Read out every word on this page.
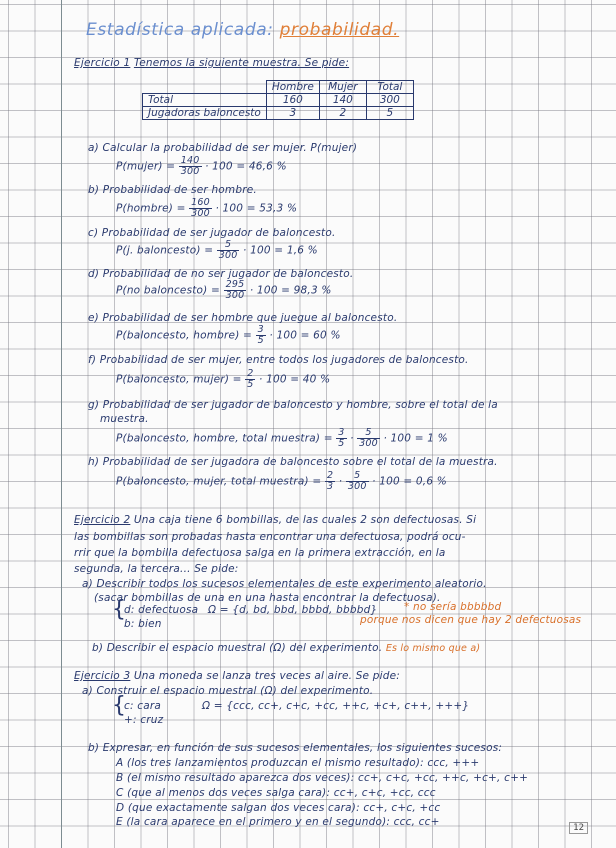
Estadística aplicada: probabilidad.
Ejercicio 1 Tenemos la siguiente muestra. Se pide:
	Hombre	Mujer	Total
Total	160	140	300
Jugadoras baloncesto	3	2	5
a) Calcular la probabilidad de ser mujer. P(mujer)
P(mujer) = $\frac{140}{300} \cdot 100 = 46,6$ %
b) Probabilidad de ser hombre.
P(hombre) = $\frac{160}{300} \cdot 100 = 53,3$ %
c) Probabilidad de ser jugador de baloncesto.
P(j. baloncesto) = $\frac{5}{300} \cdot 100 = 1,6$ %
d) Probabilidad de no ser jugador de baloncesto.
P(no baloncesto) = $\frac{295}{300} \cdot 100 = 98,3$ %
e) Probabilidad de ser hombre que juegue al baloncesto.
P(baloncesto, hombre) = $\frac{3}{5} \cdot 100 = 60$ %
f) Probabilidad de ser mujer, entre todos los jugadores de baloncesto.
P(baloncesto, mujer) = $\frac{2}{5} \cdot 100 = 40$ %
g) Probabilidad de ser jugador de baloncesto y hombre, sobre el total de la
muestra.
P(baloncesto, hombre, total muestra) = $\frac{3}{5} \cdot \frac{5}{300} \cdot 100 = 1$ %
h) Probabilidad de ser jugadora de baloncesto sobre el total de la muestra.
P(baloncesto, mujer, total muestra) = $\frac{2}{3} \cdot \frac{5}{300} \cdot 100 = 0,6$ %
Ejercicio 2 Una caja tiene 6 bombillas, de las cuales 2 son defectuosas. Si
las bombillas son probadas hasta encontrar una defectuosa, podrá ocu-
rrir que la bombilla defectuosa salga en la primera extracción, en la
segunda, la tercera... Se pide:
a) Describir todos los sucesos elementales de este experimento aleatorio.
(sacar bombillas de una en una hasta encontrar la defectuosa).
{
d: defectuosa Ω = {d, bd, bbd, bbbd, bbbbd}	* no sería bbbbbd
b: bien	porque nos dicen que hay 2 defectuosas
b) Describir el espacio muestral (Ω) del experimento. Es lo mismo que a)
Ejercicio 3 Una moneda se lanza tres veces al aire. Se pide:
a) Construir el espacio muestral (Ω) del experimento.
{
c: cara	Ω = {ccc, cc+, c+c, +cc, ++c, +c+, c++, +++}
+: cruz
b) Expresar, en función de sus sucesos elementales, los siguientes sucesos:
A (los tres lanzamientos produzcan el mismo resultado): ccc, +++
B (el mismo resultado aparezca dos veces): cc+, c+c, +cc, ++c, +c+, c++
C (que al menos dos veces salga cara): cc+, c+c, +cc, ccc
D (que exactamente salgan dos veces cara): cc+, c+c, +cc
E (la cara aparece en el primero y en el segundo): ccc, cc+	12
